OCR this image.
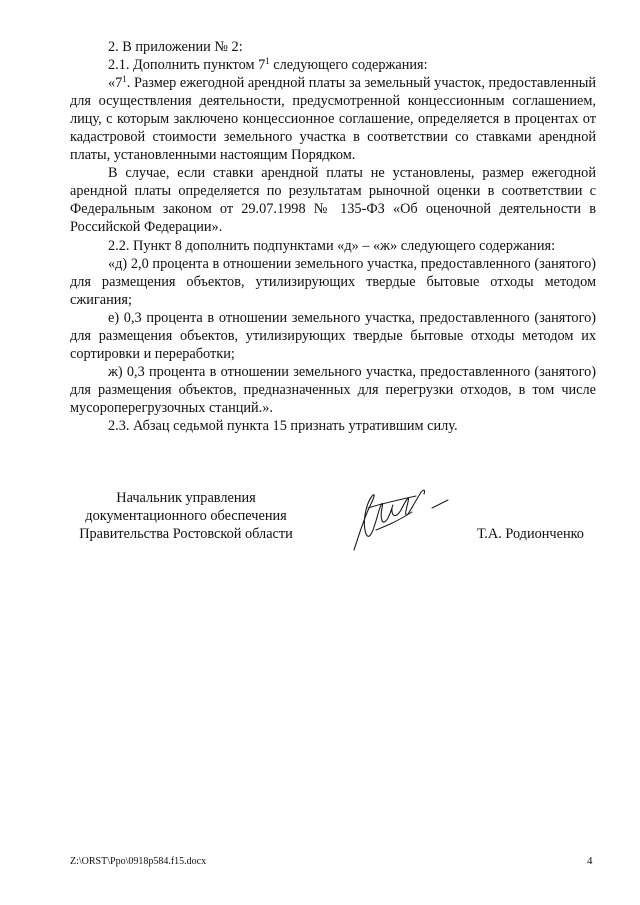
2. В приложении № 2:

2.1. Дополнить пунктом $7^1$ следующего содержания:

«$7^1$. Размер ежегодной арендной платы за земельный участок, предоставленный для осуществления деятельности, предусмотренной концессионным соглашением, лицу, с которым заключено концессионное соглашение, определяется в процентах от кадастровой стоимости земельного участка в соответствии со ставками арендной платы, установленными настоящим Порядком.

В случае, если ставки арендной платы не установлены, размер ежегодной арендной платы определяется по результатам рыночной оценки в соответствии с Федеральным законом от 29.07.1998 № 135-ФЗ «Об оценочной деятельности в Российской Федерации».

2.2. Пункт 8 дополнить подпунктами «д» – «ж» следующего содержания:

«д) 2,0 процента в отношении земельного участка, предоставленного (занятого) для размещения объектов, утилизирующих твердые бытовые отходы методом сжигания;

е) 0,3 процента в отношении земельного участка, предоставленного (занятого) для размещения объектов, утилизирующих твердые бытовые отходы методом их сортировки и переработки;

ж) 0,3 процента в отношении земельного участка, предоставленного (занятого) для размещения объектов, предназначенных для перегрузки отходов, в том числе мусороперегрузочных станций.».

2.3. Абзац седьмой пункта 15 признать утратившим силу.

Начальник управления
документационного обеспечения
Правительства Ростовской области	Т.А. Родионченко
Z:\ORST\Ppo\0918p584.f15.docx	4
